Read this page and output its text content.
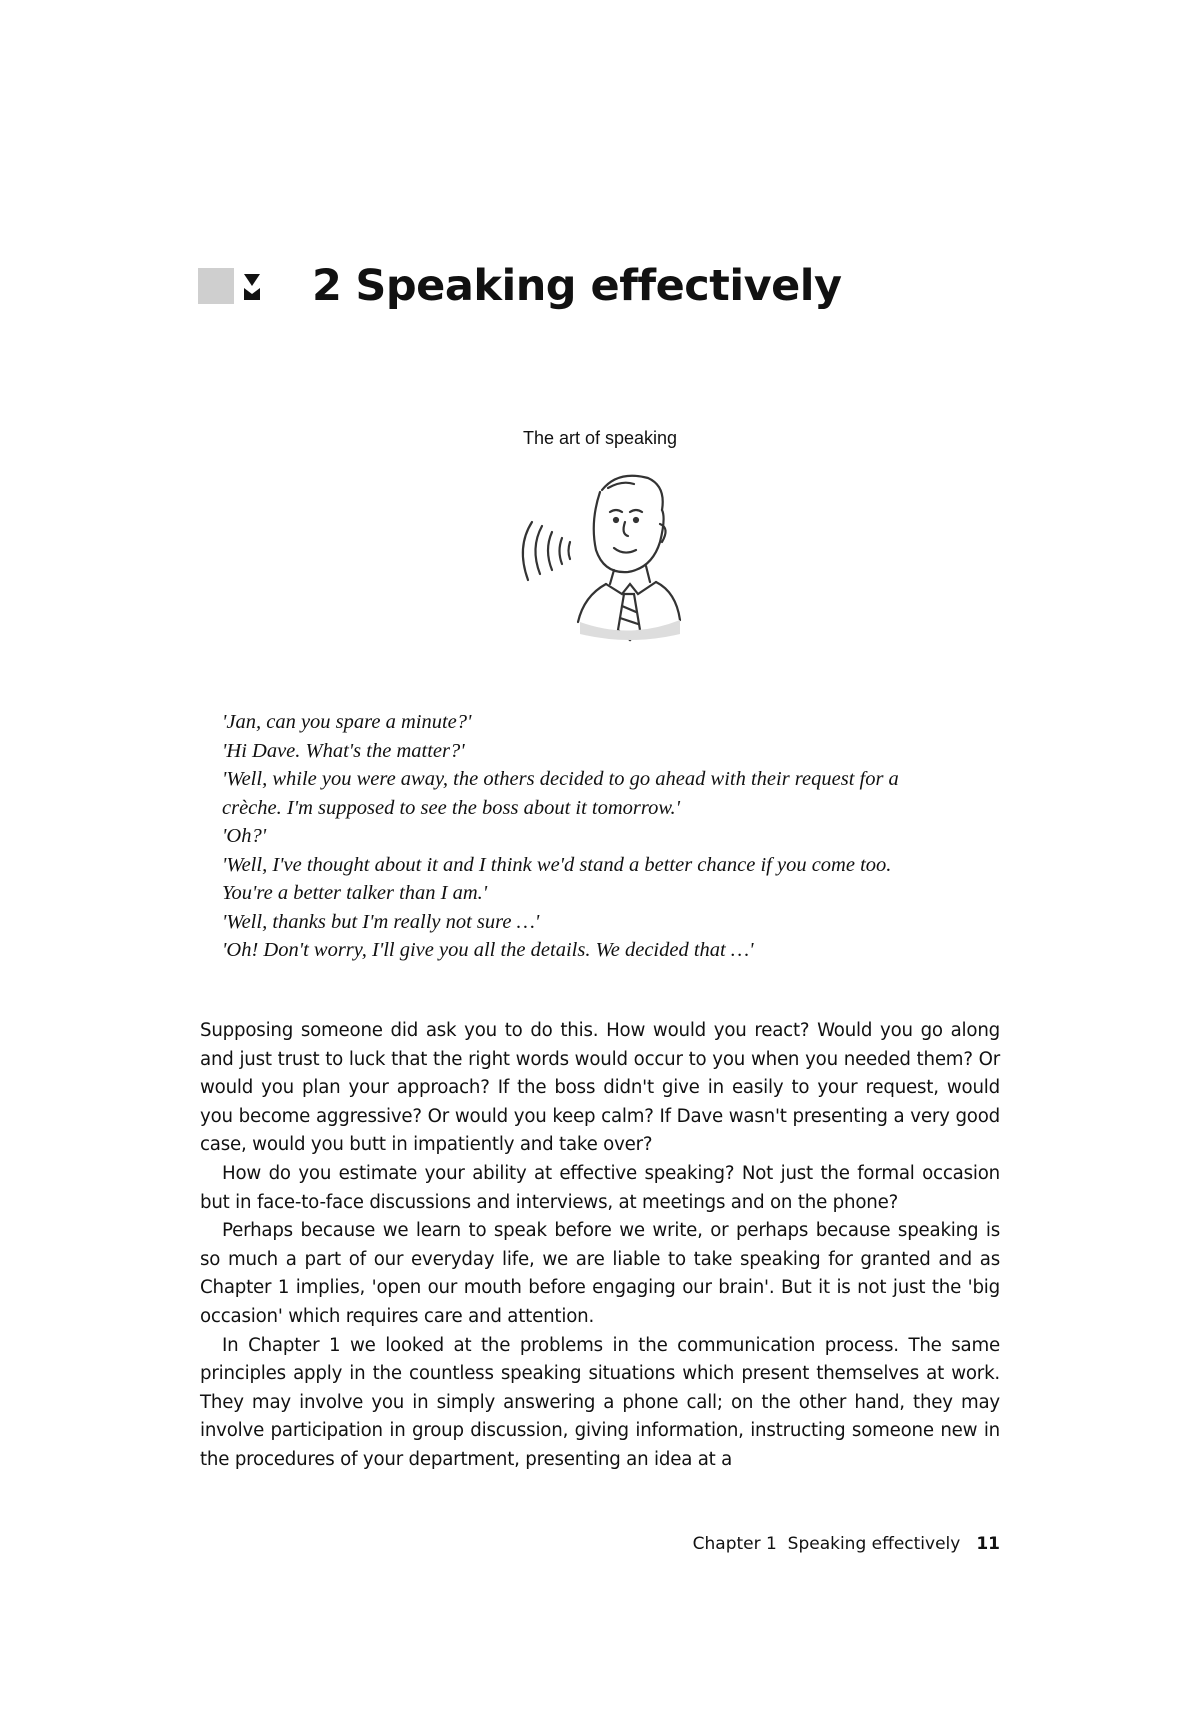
2 Speaking effectively
The art of speaking
'Jan, can you spare a minute?'
'Hi Dave. What's the matter?'
'Well, while you were away, the others decided to go ahead with their request for a
crèche. I'm supposed to see the boss about it tomorrow.'
'Oh?'
'Well, I've thought about it and I think we'd stand a better chance if you come too.
You're a better talker than I am.'
'Well, thanks but I'm really not sure …'
'Oh! Don't worry, I'll give you all the details. We decided that …'

Supposing someone did ask you to do this. How would you react? Would you go along and just trust to luck that the right words would occur to you when you needed them? Or would you plan your approach? If the boss didn't give in easily to your request, would you become aggressive? Or would you keep calm? If Dave wasn't presenting a very good case, would you butt in impatiently and take over?

How do you estimate your ability at effective speaking? Not just the formal occasion but in face-to-face discussions and interviews, at meetings and on the phone?

Perhaps because we learn to speak before we write, or perhaps because speaking is so much a part of our everyday life, we are liable to take speaking for granted and as Chapter 1 implies, 'open our mouth before engaging our brain'. But it is not just the 'big occasion' which requires care and attention.

In Chapter 1 we looked at the problems in the communication process. The same principles apply in the countless speaking situations which present themselves at work. They may involve you in simply answering a phone call; on the other hand, they may involve participation in group discussion, giving information, instructing someone new in the procedures of your department, presenting an idea at a

Chapter 1  Speaking effectively 11
